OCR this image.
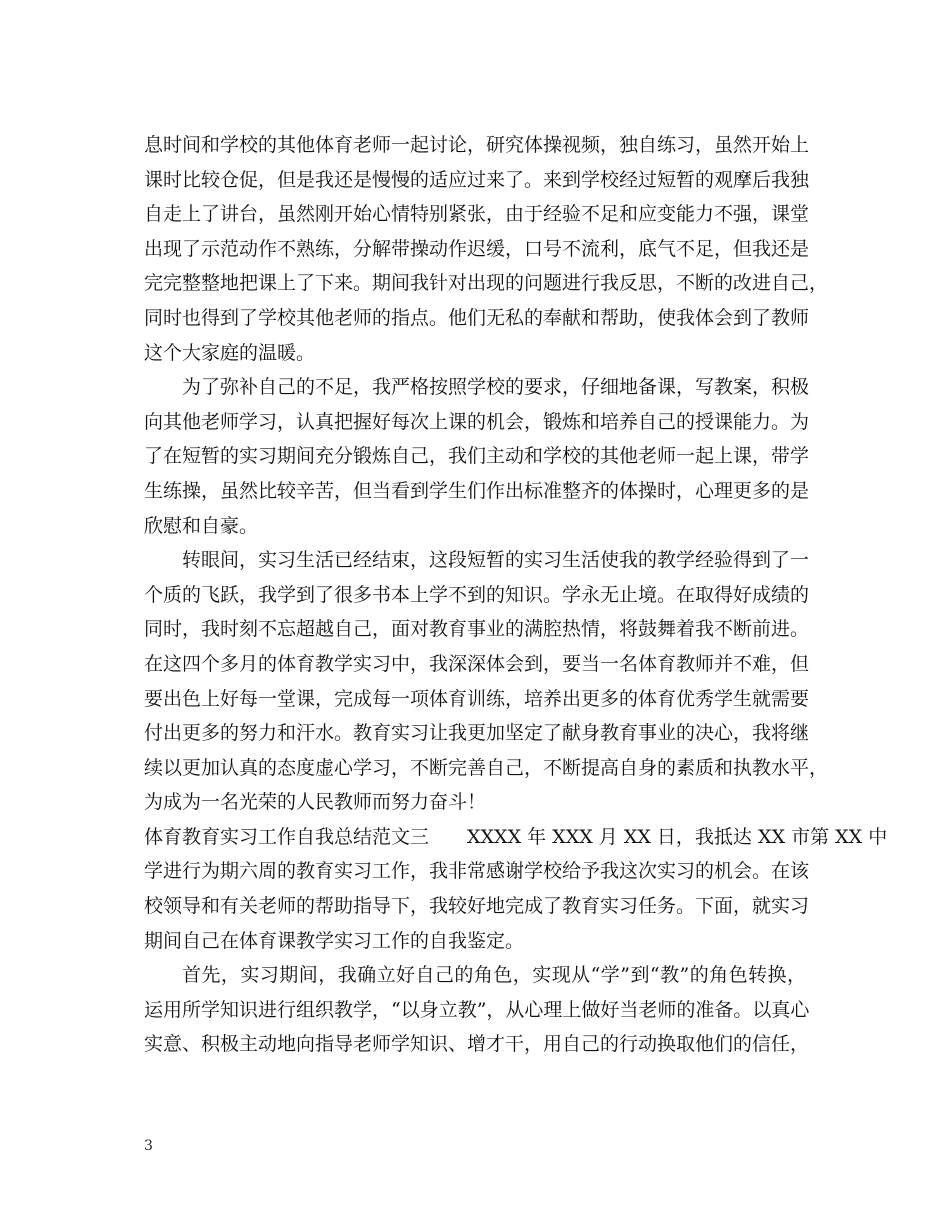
息时间和学校的其他体育老师一起讨论，研究体操视频，独自练习，虽然开始上
课时比较仓促，但是我还是慢慢的适应过来了。来到学校经过短暂的观摩后我独
自走上了讲台，虽然刚开始心情特别紧张，由于经验不足和应变能力不强，课堂
出现了示范动作不熟练，分解带操动作迟缓，口号不流利，底气不足，但我还是
完完整整地把课上了下来。期间我针对出现的问题进行我反思，不断的改进自己，
同时也得到了学校其他老师的指点。他们无私的奉献和帮助，使我体会到了教师
这个大家庭的温暖。
为了弥补自己的不足，我严格按照学校的要求，仔细地备课，写教案，积极
向其他老师学习，认真把握好每次上课的机会，锻炼和培养自己的授课能力。为
了在短暂的实习期间充分锻炼自己，我们主动和学校的其他老师一起上课，带学
生练操，虽然比较辛苦，但当看到学生们作出标准整齐的体操时，心理更多的是
欣慰和自豪。
转眼间，实习生活已经结束，这段短暂的实习生活使我的教学经验得到了一
个质的飞跃，我学到了很多书本上学不到的知识。学永无止境。在取得好成绩的
同时，我时刻不忘超越自己，面对教育事业的满腔热情，将鼓舞着我不断前进。
在这四个多月的体育教学实习中，我深深体会到，要当一名体育教师并不难，但
要出色上好每一堂课，完成每一项体育训练，培养出更多的体育优秀学生就需要
付出更多的努力和汗水。教育实习让我更加坚定了献身教育事业的决心，我将继
续以更加认真的态度虚心学习，不断完善自己，不断提高自身的素质和执教水平，
为成为一名光荣的人民教师而努力奋斗！
体育教育实习工作自我总结范文三　　XXXX 年 XXX 月 XX 日，我抵达 XX 市第 XX 中
学进行为期六周的教育实习工作，我非常感谢学校给予我这次实习的机会。在该
校领导和有关老师的帮助指导下，我较好地完成了教育实习任务。下面，就实习
期间自己在体育课教学实习工作的自我鉴定。
首先，实习期间，我确立好自己的角色，实现从“学”到“教”的角色转换，
运用所学知识进行组织教学，“以身立教”，从心理上做好当老师的准备。以真心
实意、积极主动地向指导老师学知识、增才干，用自己的行动换取他们的信任，
3
